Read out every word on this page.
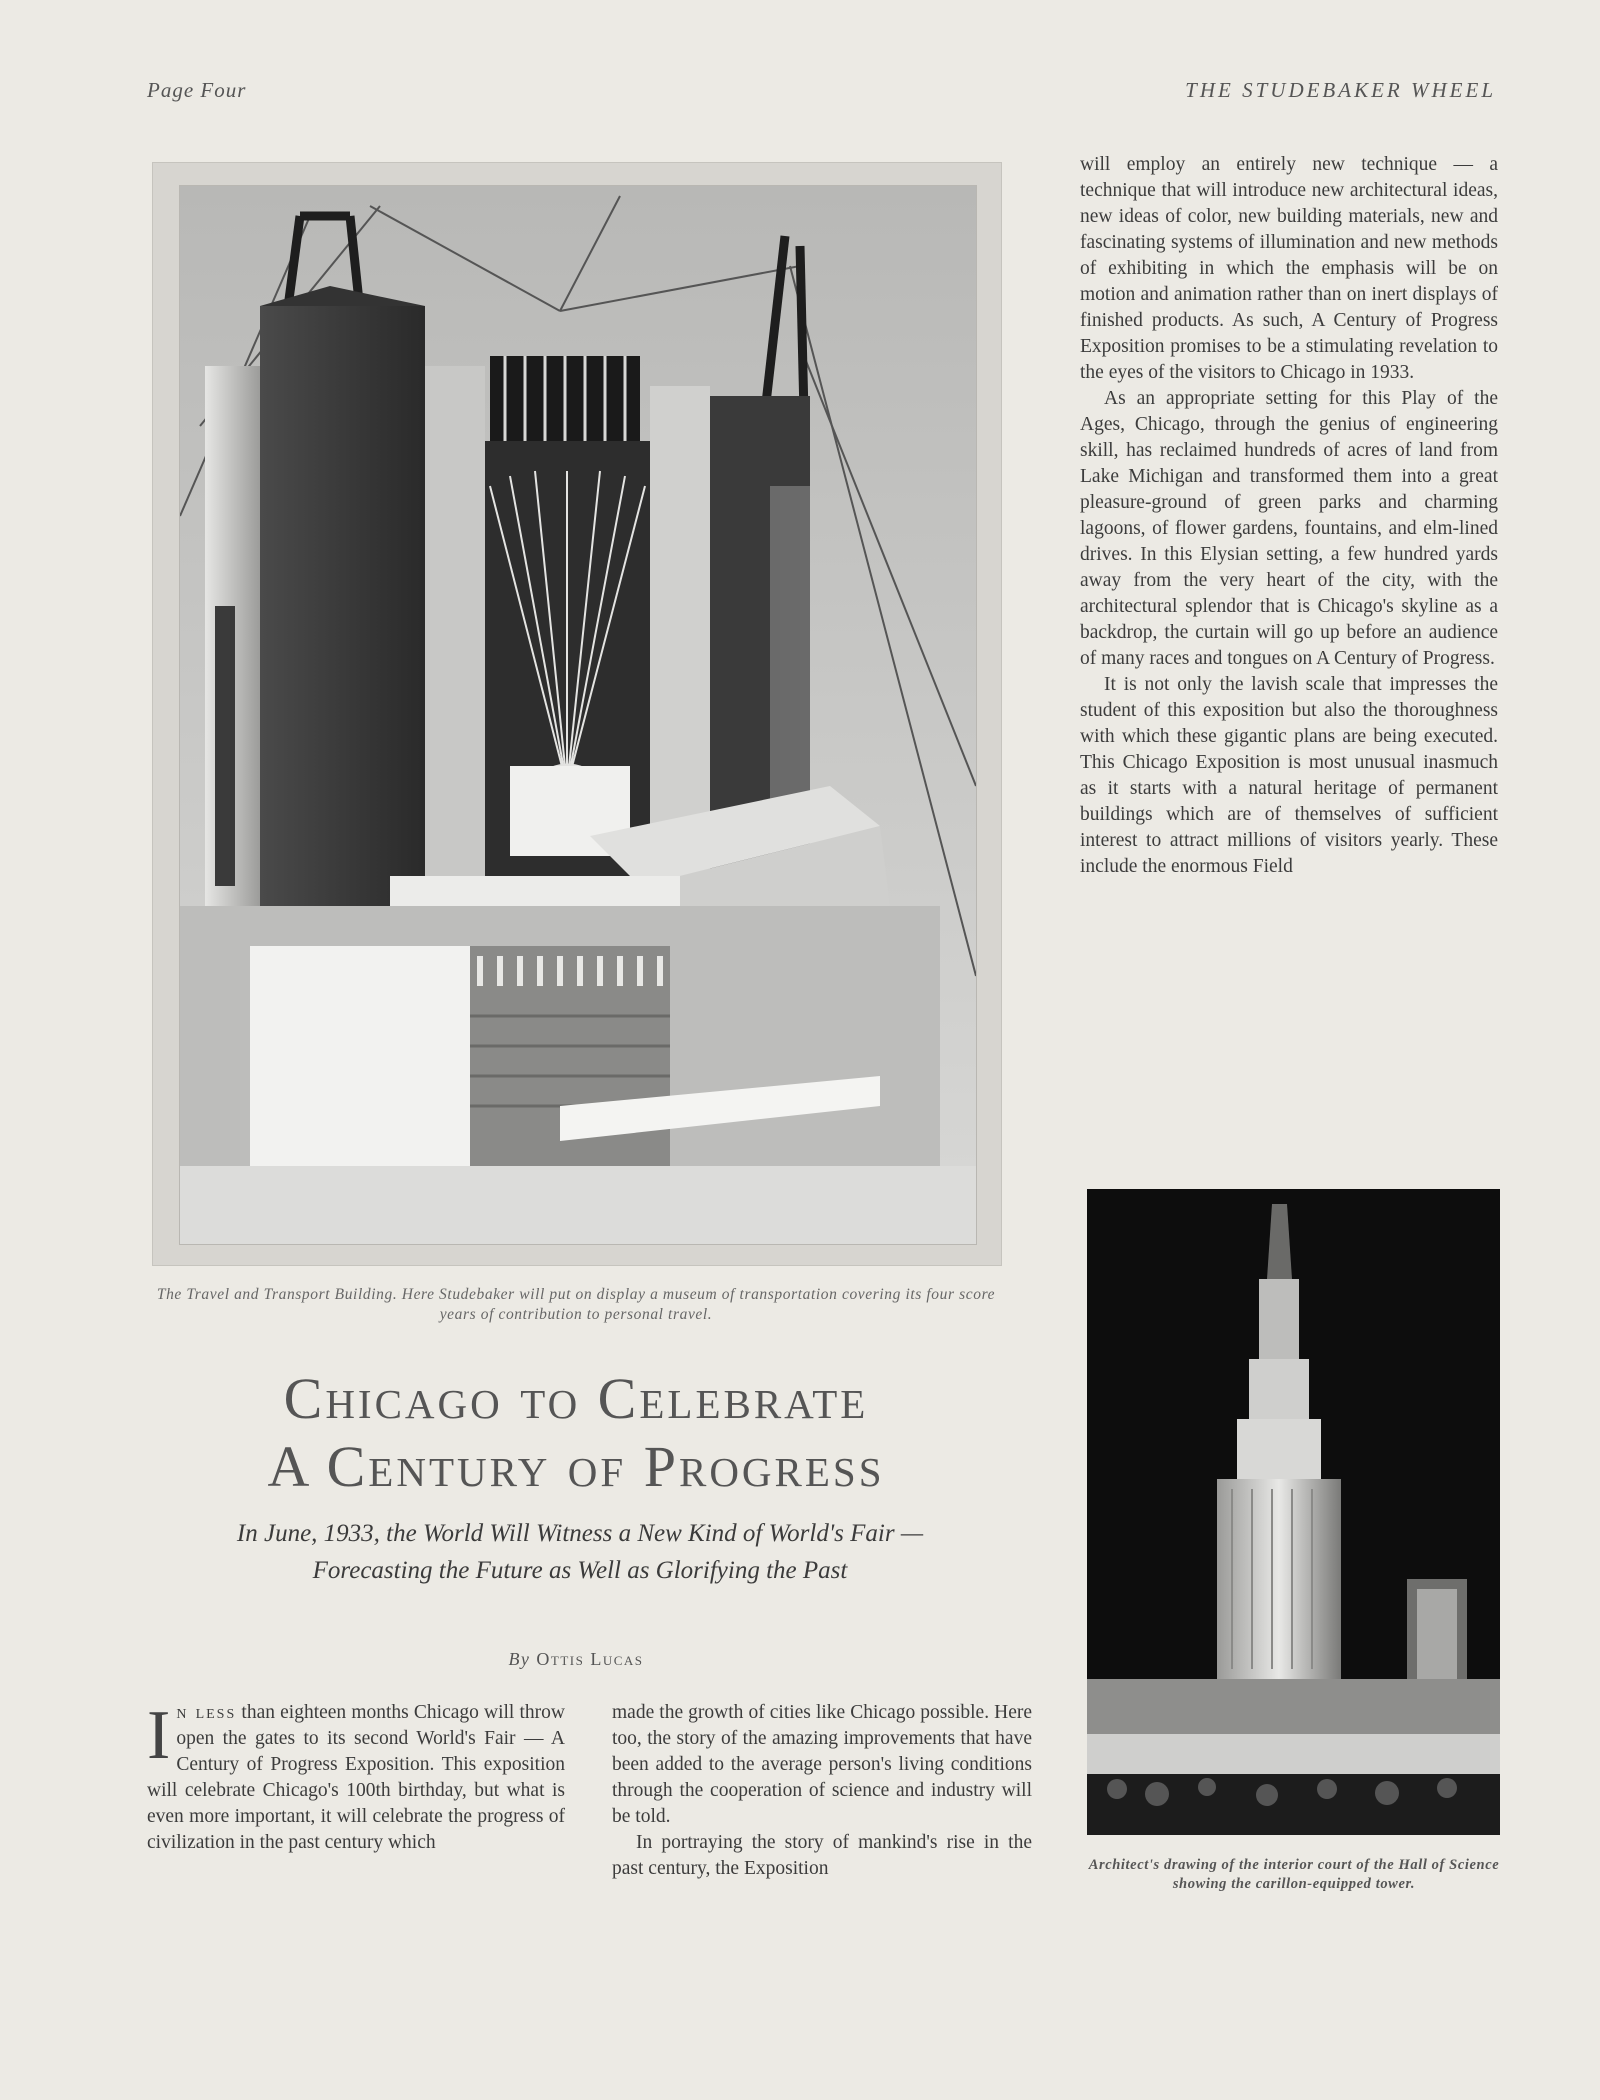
Page Four	THE STUDEBAKER WHEEL
The Travel and Transport Building. Here Studebaker will put on display a museum of transportation covering its four score years of contribution to personal travel.
Chicago to Celebrate
A Century of Progress
In June, 1933, the World Will Witness a New Kind of World's Fair — Forecasting the Future as Well as Glorifying the Past
By Ottis Lucas

In less than eighteen months Chicago will throw open the gates to its second World's Fair — A Century of Progress Exposition. This exposition will celebrate Chicago's 100th birthday, but what is even more important, it will celebrate the progress of civilization in the past century which

made the growth of cities like Chicago possible. Here too, the story of the amazing improvements that have been added to the average person's living conditions through the cooperation of science and industry will be told.

In portraying the story of mankind's rise in the past century, the Exposition

will employ an entirely new technique — a technique that will introduce new architectural ideas, new ideas of color, new building materials, new and fascinating systems of illumination and new methods of exhibiting in which the emphasis will be on motion and animation rather than on inert displays of finished products. As such, A Century of Progress Exposition promises to be a stimulating revelation to the eyes of the visitors to Chicago in 1933.

As an appropriate setting for this Play of the Ages, Chicago, through the genius of engineering skill, has reclaimed hundreds of acres of land from Lake Michigan and transformed them into a great pleasure-ground of green parks and charming lagoons, of flower gardens, fountains, and elm-lined drives. In this Elysian setting, a few hundred yards away from the very heart of the city, with the architectural splendor that is Chicago's skyline as a backdrop, the curtain will go up before an audience of many races and tongues on A Century of Progress.

It is not only the lavish scale that impresses the student of this exposition but also the thoroughness with which these gigantic plans are being executed. This Chicago Exposition is most unusual inasmuch as it starts with a natural heritage of permanent buildings which are of themselves of sufficient interest to attract millions of visitors yearly. These include the enormous Field

Architect's drawing of the interior court of the Hall of Science showing the carillon-equipped tower.
